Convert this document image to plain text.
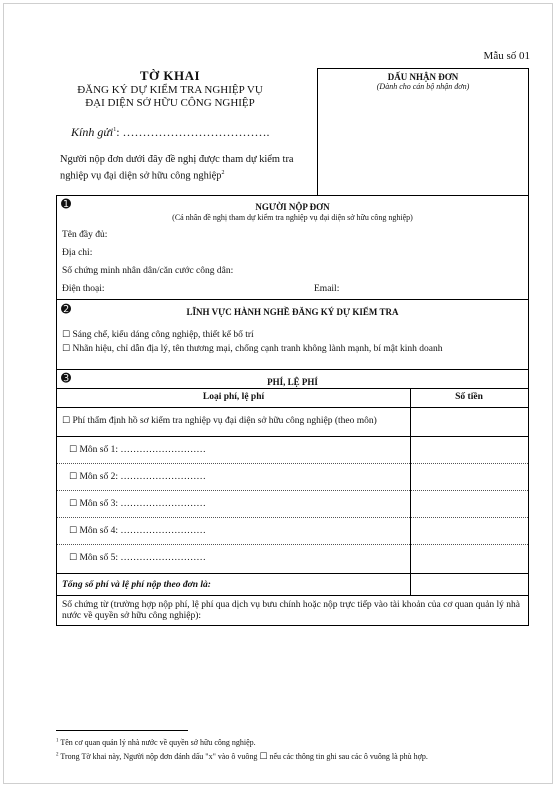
Mẫu số 01
TỜ KHAI
ĐĂNG KÝ DỰ KIỂM TRA NGHIỆP VỤ
ĐẠI DIỆN SỞ HỮU CÔNG NGHIỆP
Kính gửi$^1$: ……………………………….
Người nộp đơn dưới đây đề nghị được tham dự kiểm tra nghiệp vụ đại diện sở hữu công nghiệp$^2$
DẤU NHẬN ĐƠN
(Dành cho cán bộ nhận đơn)
➊	NGƯỜI NỘP ĐƠN
(Cá nhân đề nghị tham dự kiểm tra nghiệp vụ đại diện sở hữu công nghiệp)
Tên đầy đủ:
Địa chỉ:
Số chứng minh nhân dân/căn cước công dân:
Điện thoại:	Email:
➋	LĨNH VỰC HÀNH NGHỀ ĐĂNG KÝ DỰ KIỂM TRA
☐ Sáng chế, kiểu dáng công nghiệp, thiết kế bố trí
☐ Nhãn hiệu, chỉ dẫn địa lý, tên thương mại, chống cạnh tranh không lành mạnh, bí mật kinh doanh
➌	PHÍ, LỆ PHÍ
Loại phí, lệ phí	Số tiền
☐ Phí thẩm định hồ sơ kiểm tra nghiệp vụ đại diện sở hữu công nghiệp (theo môn)
☐ Môn số 1: ………………………
☐ Môn số 2: ………………………
☐ Môn số 3: ………………………
☐ Môn số 4: ………………………
☐ Môn số 5: ………………………
Tổng số phí và lệ phí nộp theo đơn là:
Số chứng từ (trường hợp nộp phí, lệ phí qua dịch vụ bưu chính hoặc nộp trực tiếp vào tài khoản của cơ quan quản lý nhà nước về quyền sở hữu công nghiệp):
$^1$ Tên cơ quan quản lý nhà nước về quyền sở hữu công nghiệp.
$^2$ Trong Tờ khai này, Người nộp đơn đánh dấu "x" vào ô vuông ☐ nếu các thông tin ghi sau các ô vuông là phù hợp.
